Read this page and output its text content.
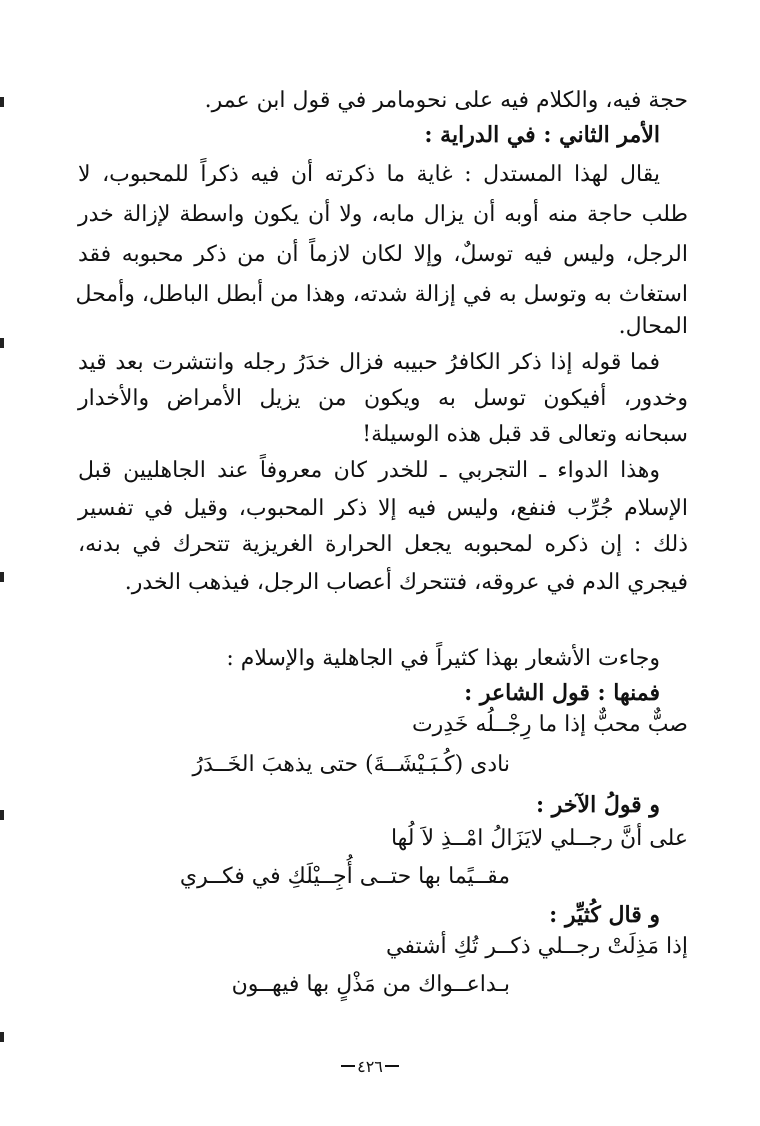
حجة فيه، والكلام فيه على نحومامر في قول ابن عمر.
الأمر الثاني : في الدراية :
يقال لهذا المستدل : غاية ما ذكرته أن فيه ذكراً للمحبوب، لا
طلب حاجة منه أوبه أن يزال مابه، ولا أن يكون واسطة لإزالة خدر
الرجل، وليس فيه توسلٌ، وإلا لكان لازماً أن من ذكر محبوبه فقد
استغاث به وتوسل به في إزالة شدته، وهذا من أبطل الباطل، وأمحل
المحال.
فما قوله إذا ذكر الكافرُ حبيبه فزال خدَرُ رجله وانتشرت بعد قيد
وخدور، أفيكون توسل به ويكون من يزيل الأمراض والأخدار
سبحانه وتعالى قد قبل هذه الوسيلة!
وهذا الدواء ـ التجربي ـ للخدر كان معروفاً عند الجاهليين قبل
الإسلام جُرِّب فنفع، وليس فيه إلا ذكر المحبوب، وقيل في تفسير
ذلك : إن ذكره لمحبوبه يجعل الحرارة الغريزية تتحرك في بدنه،
فيجري الدم في عروقه، فتتحرك أعصاب الرجل، فيذهب الخدر.
وجاءت الأشعار بهذا كثيراً في الجاهلية والإسلام :
فمنها : قول الشاعر :
صبٌّ محبٌّ إذا ما رِجْــلُه خَدِرت
نادى (كُـبَـيْشَــةَ) حتى يذهبَ الخَــدَرُ
و قولُ الآخر :
على أنَّ رجــلي لايَزَالُ امْــذِ لاَ لُها
مقــيًما بها حتــى أُجِــيْلَكِ في فكــري
و قال كُثيِّر :
إذا مَذِلَتْ رجــلي ذكــر تُكِ أشتفي
بـداعــواك من مَذْلٍ بها فيهــون
٤٢٦
